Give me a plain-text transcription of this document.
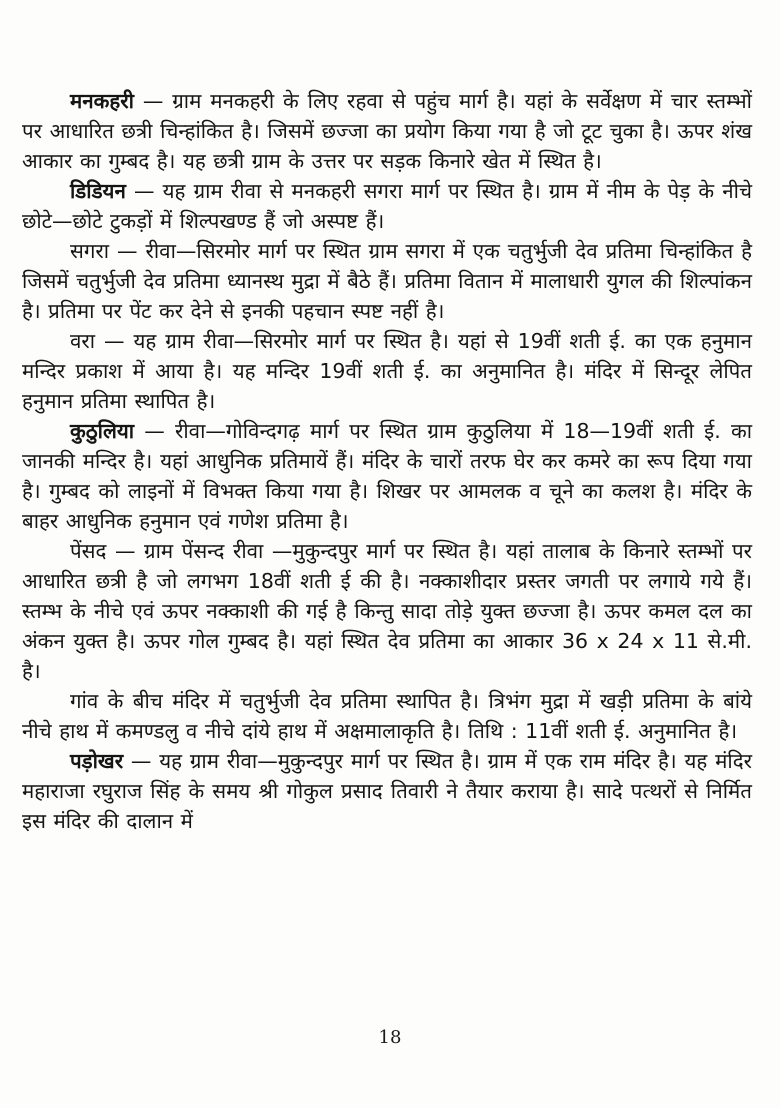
मनकहरी — ग्राम मनकहरी के लिए रहवा से पहुंच मार्ग है। यहां के सर्वेक्षण में चार स्तम्भों पर आधारित छत्री चिन्हांकित है। जिसमें छज्जा का प्रयोग किया गया है जो टूट चुका है। ऊपर शंख आकार का गुम्बद है। यह छत्री ग्राम के उत्तर पर सड़क किनारे खेत में स्थित है।

डिडियन — यह ग्राम रीवा से मनकहरी सगरा मार्ग पर स्थित है। ग्राम में नीम के पेड़ के नीचे छोटे—छोटे टुकड़ों में शिल्पखण्ड हैं जो अस्पष्ट हैं।

सगरा — रीवा—सिरमोर मार्ग पर स्थित ग्राम सगरा में एक चतुर्भुजी देव प्रतिमा चिन्हांकित है जिसमें चतुर्भुजी देव प्रतिमा ध्यानस्थ मुद्रा में बैठे हैं। प्रतिमा वितान में मालाधारी युगल की शिल्पांकन है। प्रतिमा पर पेंट कर देने से इनकी पहचान स्पष्ट नहीं है।

वरा — यह ग्राम रीवा—सिरमोर मार्ग पर स्थित है। यहां से 19वीं शती ई. का एक हनुमान मन्दिर प्रकाश में आया है। यह मन्दिर 19वीं शती ई. का अनुमानित है। मंदिर में सिन्दूर लेपित हनुमान प्रतिमा स्थापित है।

कुठुलिया — रीवा—गोविन्दगढ़ मार्ग पर स्थित ग्राम कुठुलिया में 18—19वीं शती ई. का जानकी मन्दिर है। यहां आधुनिक प्रतिमायें हैं। मंदिर के चारों तरफ घेर कर कमरे का रूप दिया गया है। गुम्बद को लाइनों में विभक्त किया गया है। शिखर पर आमलक व चूने का कलश है। मंदिर के बाहर आधुनिक हनुमान एवं गणेश प्रतिमा है।

पेंसद — ग्राम पेंसन्द रीवा —मुकुन्दपुर मार्ग पर स्थित है। यहां तालाब के किनारे स्तम्भों पर आधारित छत्री है जो लगभग 18वीं शती ई की है। नक्काशीदार प्रस्तर जगती पर लगाये गये हैं। स्तम्भ के नीचे एवं ऊपर नक्काशी की गई है किन्तु सादा तोड़े युक्त छज्जा है। ऊपर कमल दल का अंकन युक्त है। ऊपर गोल गुम्बद है। यहां स्थित देव प्रतिमा का आकार 36 x 24 x 11 से.मी. है।

गांव के बीच मंदिर में चतुर्भुजी देव प्रतिमा स्थापित है। त्रिभंग मुद्रा में खड़ी प्रतिमा के बांये नीचे हाथ में कमण्डलु व नीचे दांये हाथ में अक्षमालाकृति है। तिथि : 11वीं शती ई. अनुमानित है।

पड़ोखर — यह ग्राम रीवा—मुकुन्दपुर मार्ग पर स्थित है। ग्राम में एक राम मंदिर है। यह मंदिर महाराजा रघुराज सिंह के समय श्री गोकुल प्रसाद तिवारी ने तैयार कराया है। सादे पत्थरों से निर्मित इस मंदिर की दालान में

18
